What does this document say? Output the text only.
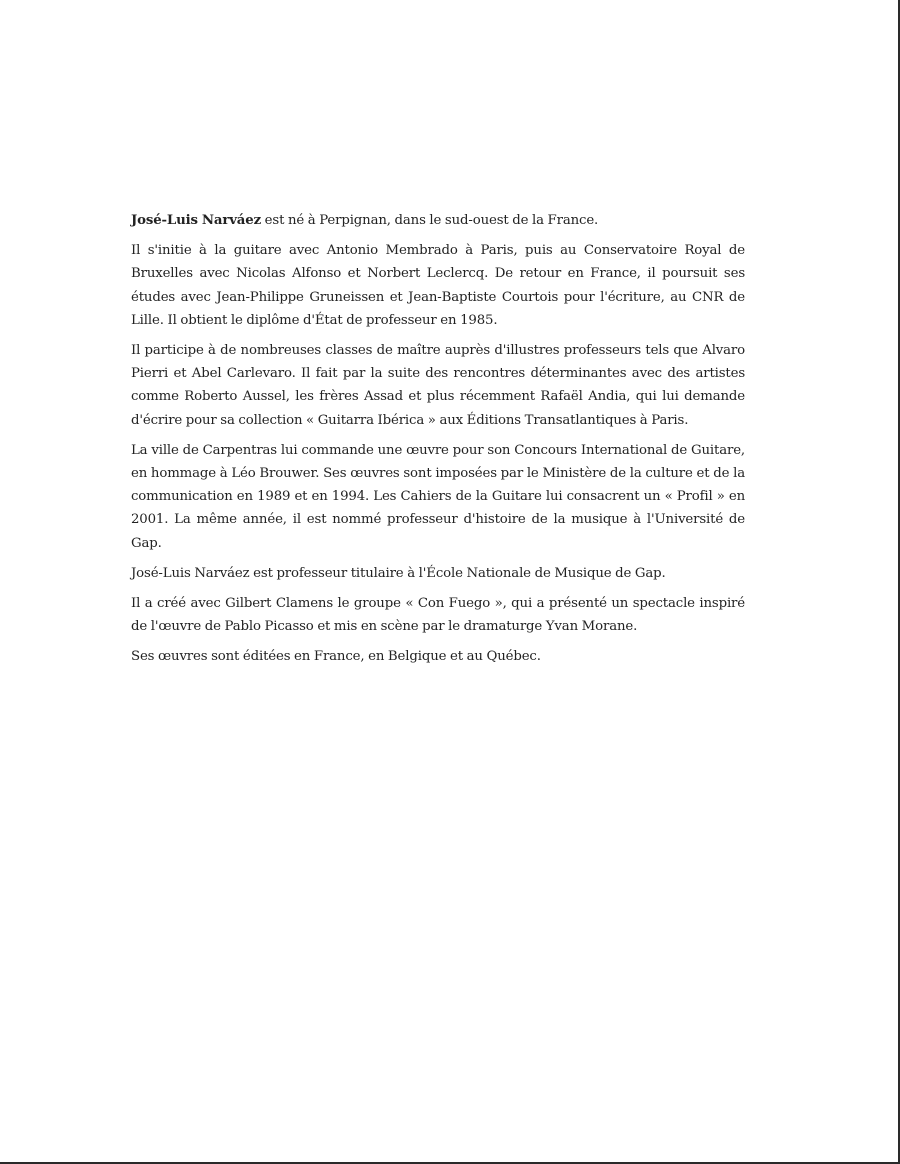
José-Luis Narváez est né à Perpignan, dans le sud-ouest de la France.

Il s'initie à la guitare avec Antonio Membrado à Paris, puis au Conservatoire Royal de Bruxelles avec Nicolas Alfonso et Norbert Leclercq. De retour en France, il poursuit ses études avec Jean-Philippe Gruneissen et Jean-Baptiste Courtois pour l'écriture, au CNR de Lille. Il obtient le diplôme d'État de professeur en 1985.

Il participe à de nombreuses classes de maître auprès d'illustres professeurs tels que Alvaro Pierri et Abel Carlevaro. Il fait par la suite des rencontres déterminantes avec des artistes comme Roberto Aussel, les frères Assad et plus récemment Rafaël Andia, qui lui demande d'écrire pour sa collection « Guitarra Ibérica » aux Éditions Transatlantiques à Paris.

La ville de Carpentras lui commande une œuvre pour son Concours International de Guitare, en hommage à Léo Brouwer. Ses œuvres sont imposées par le Ministère de la culture et de la communication en 1989 et en 1994. Les Cahiers de la Guitare lui consacrent un « Profil » en 2001. La même année, il est nommé professeur d'histoire de la musique à l'Université de Gap.

José-Luis Narváez est professeur titulaire à l'École Nationale de Musique de Gap.

Il a créé avec Gilbert Clamens le groupe « Con Fuego », qui a présenté un spectacle inspiré de l'œuvre de Pablo Picasso et mis en scène par le dramaturge Yvan Morane.

Ses œuvres sont éditées en France, en Belgique et au Québec.
